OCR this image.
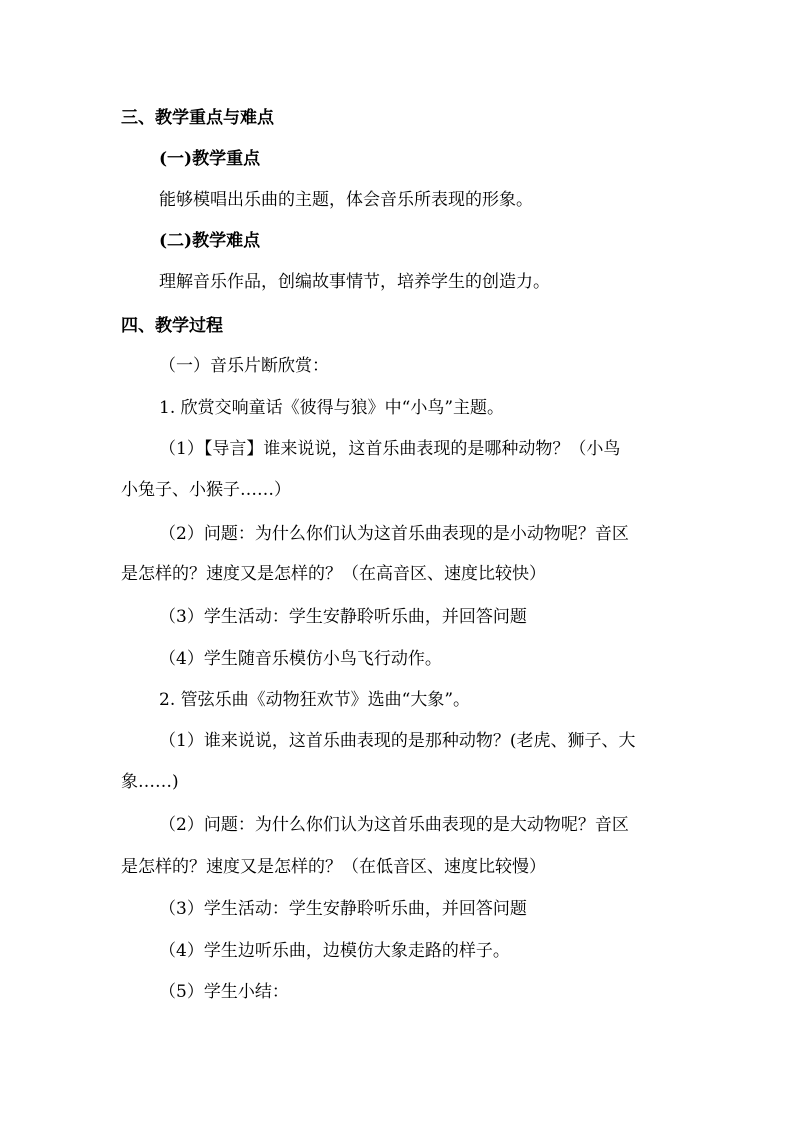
三、教学重点与难点
(一)教学重点
能够模唱出乐曲的主题，体会音乐所表现的形象。
(二)教学难点
理解音乐作品，创编故事情节，培养学生的创造力。
四、教学过程
（一）音乐片断欣赏：
1. 欣赏交响童话《彼得与狼》中“小鸟”主题。
（1）【导言】谁来说说，这首乐曲表现的是哪种动物？（小鸟
小兔子、小猴子……）
（2）问题：为什么你们认为这首乐曲表现的是小动物呢？音区
是怎样的？速度又是怎样的？（在高音区、速度比较快）
（3）学生活动：学生安静聆听乐曲，并回答问题
（4）学生随音乐模仿小鸟飞行动作。
2. 管弦乐曲《动物狂欢节》选曲“大象”。
（1）谁来说说，这首乐曲表现的是那种动物？(老虎、狮子、大
象……)
（2）问题：为什么你们认为这首乐曲表现的是大动物呢？音区
是怎样的？速度又是怎样的？（在低音区、速度比较慢）
（3）学生活动：学生安静聆听乐曲，并回答问题
（4）学生边听乐曲，边模仿大象走路的样子。
（5）学生小结：
